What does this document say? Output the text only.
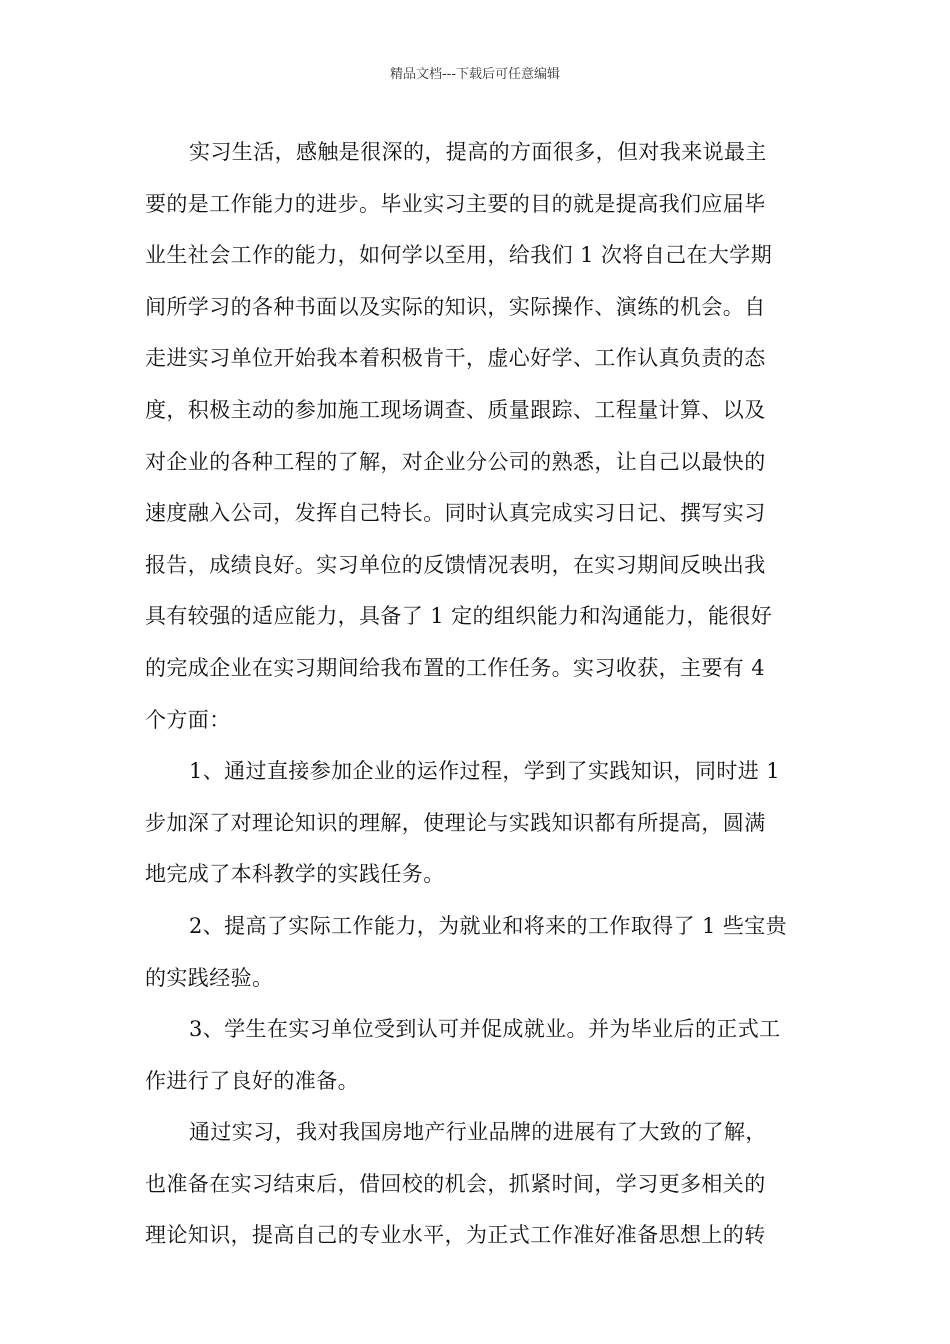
精品文档---下载后可任意编辑
实习生活，感触是很深的，提高的方面很多，但对我来说最主
要的是工作能力的进步。毕业实习主要的目的就是提高我们应届毕
业生社会工作的能力，如何学以至用，给我们 1 次将自己在大学期
间所学习的各种书面以及实际的知识，实际操作、演练的机会。自
走进实习单位开始我本着积极肯干，虚心好学、工作认真负责的态
度，积极主动的参加施工现场调查、质量跟踪、工程量计算、以及
对企业的各种工程的了解，对企业分公司的熟悉，让自己以最快的
速度融入公司，发挥自己特长。同时认真完成实习日记、撰写实习
报告，成绩良好。实习单位的反馈情况表明，在实习期间反映出我
具有较强的适应能力，具备了 1 定的组织能力和沟通能力，能很好
的完成企业在实习期间给我布置的工作任务。实习收获，主要有 4
个方面：
1、通过直接参加企业的运作过程，学到了实践知识，同时进 1
步加深了对理论知识的理解，使理论与实践知识都有所提高，圆满
地完成了本科教学的实践任务。
2、提高了实际工作能力，为就业和将来的工作取得了 1 些宝贵
的实践经验。
3、学生在实习单位受到认可并促成就业。并为毕业后的正式工
作进行了良好的准备。
通过实习，我对我国房地产行业品牌的进展有了大致的了解，
也准备在实习结束后，借回校的机会，抓紧时间，学习更多相关的
理论知识，提高自己的专业水平，为正式工作准好准备思想上的转
